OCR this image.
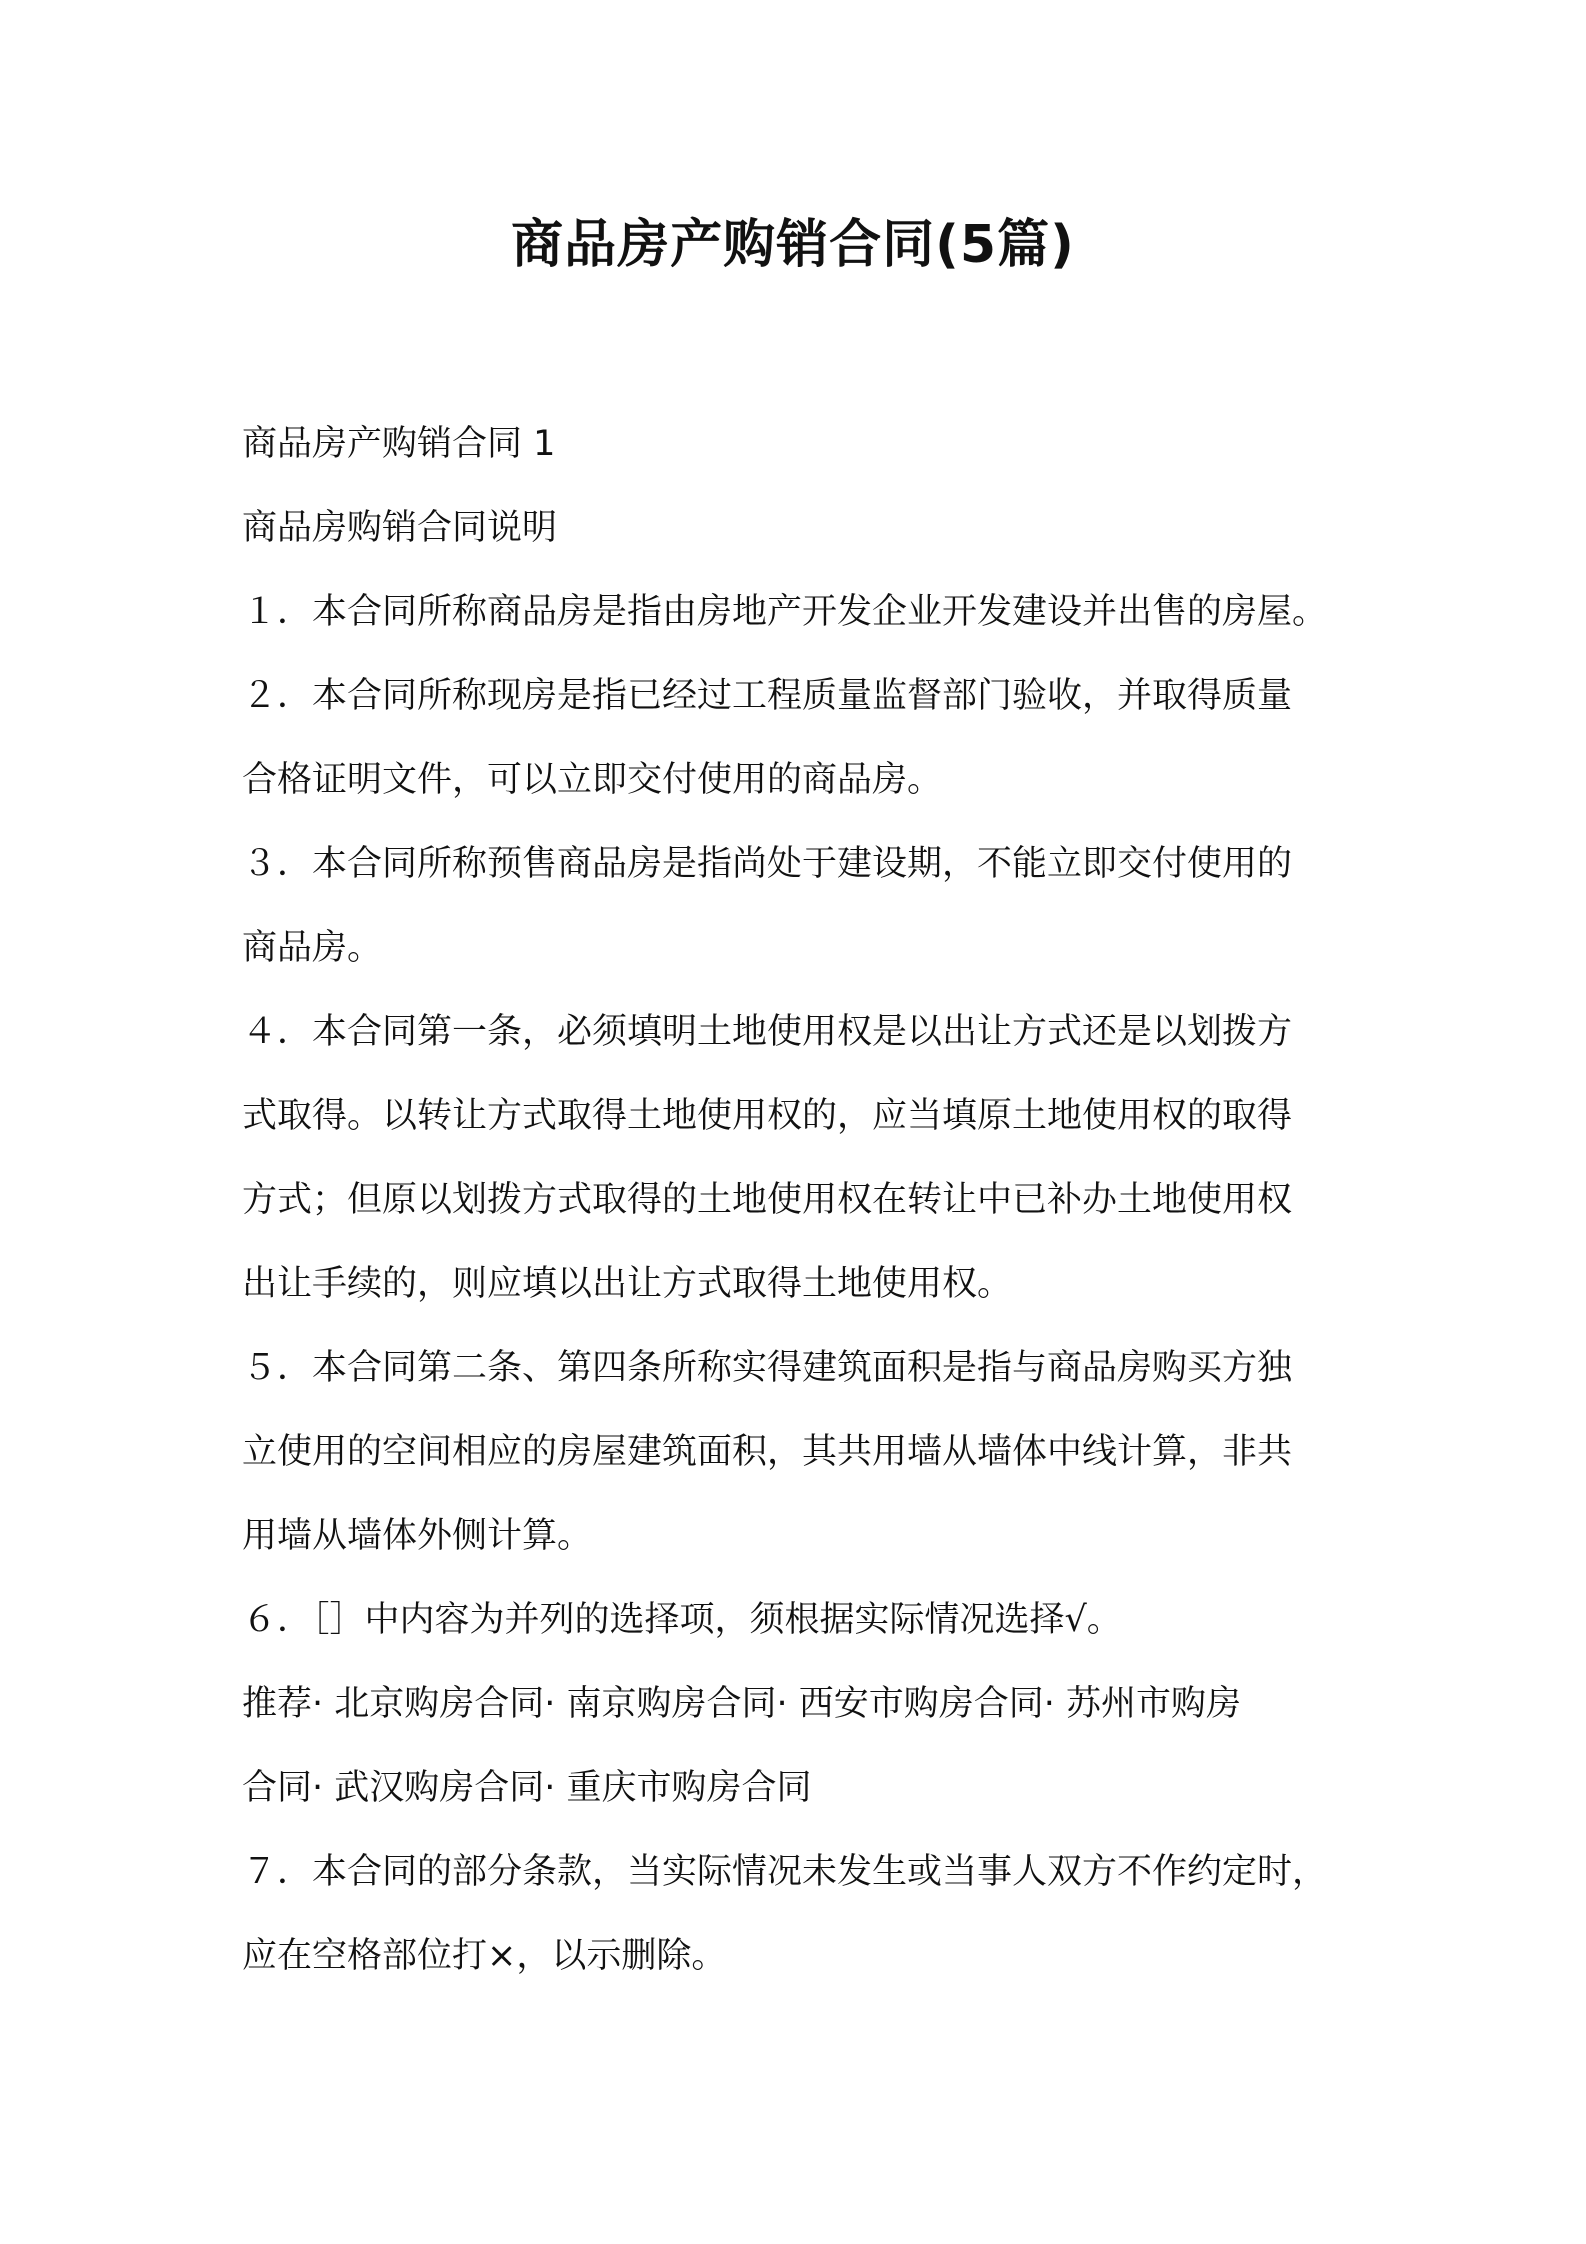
商品房产购销合同(5篇)

商品房产购销合同 1

商品房购销合同说明

１．本合同所称商品房是指由房地产开发企业开发建设并出售的房屋。

２．本合同所称现房是指已经过工程质量监督部门验收，并取得质量

合格证明文件，可以立即交付使用的商品房。

３．本合同所称预售商品房是指尚处于建设期，不能立即交付使用的

商品房。

４．本合同第一条，必须填明土地使用权是以出让方式还是以划拨方

式取得。以转让方式取得土地使用权的，应当填原土地使用权的取得

方式；但原以划拨方式取得的土地使用权在转让中已补办土地使用权

出让手续的，则应填以出让方式取得土地使用权。

５．本合同第二条、第四条所称实得建筑面积是指与商品房购买方独

立使用的空间相应的房屋建筑面积，其共用墙从墙体中线计算，非共

用墙从墙体外侧计算。

６．［］中内容为并列的选择项，须根据实际情况选择√。

推荐· 北京购房合同· 南京购房合同· 西安市购房合同· 苏州市购房

合同· 武汉购房合同· 重庆市购房合同

７．本合同的部分条款，当实际情况未发生或当事人双方不作约定时，

应在空格部位打×，以示删除。
